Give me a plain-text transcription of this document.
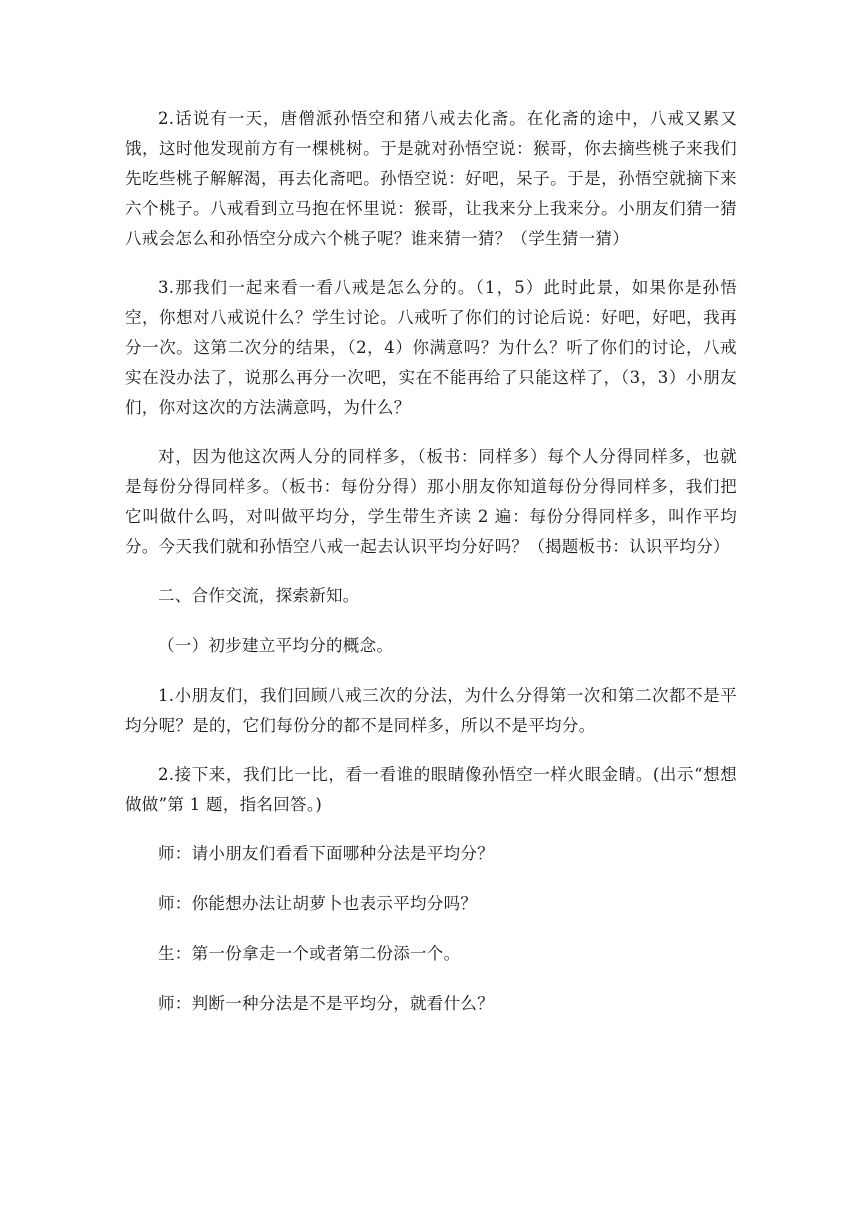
2.话说有一天，唐僧派孙悟空和猪八戒去化斋。在化斋的途中，八戒又累又饿，这时他发现前方有一棵桃树。于是就对孙悟空说：猴哥，你去摘些桃子来我们先吃些桃子解解渴，再去化斋吧。孙悟空说：好吧，呆子。于是，孙悟空就摘下来六个桃子。八戒看到立马抱在怀里说：猴哥，让我来分上我来分。小朋友们猜一猜八戒会怎么和孙悟空分成六个桃子呢？谁来猜一猜？（学生猜一猜）

3.那我们一起来看一看八戒是怎么分的。（1，5）此时此景，如果你是孙悟空，你想对八戒说什么？学生讨论。八戒听了你们的讨论后说：好吧，好吧，我再分一次。这第二次分的结果，（2，4）你满意吗？为什么？听了你们的讨论，八戒实在没办法了，说那么再分一次吧，实在不能再给了只能这样了，（3，3）小朋友们，你对这次的方法满意吗，为什么？

对，因为他这次两人分的同样多，（板书：同样多）每个人分得同样多，也就是每份分得同样多。（板书：每份分得）那小朋友你知道每份分得同样多，我们把它叫做什么吗，对叫做平均分，学生带生齐读 2 遍：每份分得同样多，叫作平均分。今天我们就和孙悟空八戒一起去认识平均分好吗？（揭题板书：认识平均分）

二、合作交流，探索新知。

（一）初步建立平均分的概念。

1.小朋友们，我们回顾八戒三次的分法，为什么分得第一次和第二次都不是平均分呢？是的，它们每份分的都不是同样多，所以不是平均分。

2.接下来，我们比一比，看一看谁的眼睛像孙悟空一样火眼金睛。(出示“想想做做”第 1 题，指名回答。)

师：请小朋友们看看下面哪种分法是平均分？

师：你能想办法让胡萝卜也表示平均分吗？

生：第一份拿走一个或者第二份添一个。

师：判断一种分法是不是平均分，就看什么？
